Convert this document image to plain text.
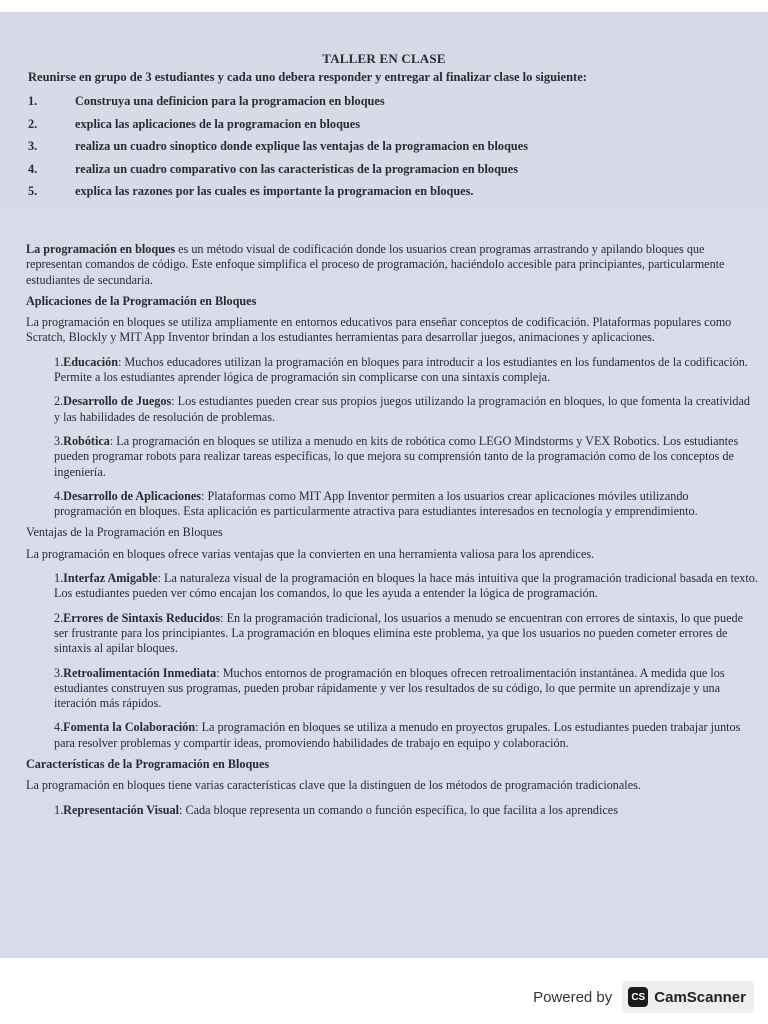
TALLER EN CLASE
Reunirse en grupo de 3 estudiantes y cada uno debera responder y entregar al finalizar clase lo siguiente:
1.	Construya una definicion para la programacion en bloques
2.	explica las aplicaciones de la programacion en bloques
3.	realiza un cuadro sinoptico donde explique las ventajas de la programacion en bloques
4.	realiza un cuadro comparativo con las caracteristicas de la programacion en bloques
5.	explica las razones por las cuales es importante la programacion en bloques.

La programación en bloques es un método visual de codificación donde los usuarios crean programas arrastrando y apilando bloques que representan comandos de código. Este enfoque simplifica el proceso de programación, haciéndolo accesible para principiantes, particularmente estudiantes de secundaria.

Aplicaciones de la Programación en Bloques

La programación en bloques se utiliza ampliamente en entornos educativos para enseñar conceptos de codificación. Plataformas populares como Scratch, Blockly y MIT App Inventor brindan a los estudiantes herramientas para desarrollar juegos, animaciones y aplicaciones.

1.Educación: Muchos educadores utilizan la programación en bloques para introducir a los estudiantes en los fundamentos de la codificación. Permite a los estudiantes aprender lógica de programación sin complicarse con una sintaxis compleja.

2.Desarrollo de Juegos: Los estudiantes pueden crear sus propios juegos utilizando la programación en bloques, lo que fomenta la creatividad y las habilidades de resolución de problemas.

3.Robótica: La programación en bloques se utiliza a menudo en kits de robótica como LEGO Mindstorms y VEX Robotics. Los estudiantes pueden programar robots para realizar tareas específicas, lo que mejora su comprensión tanto de la programación como de los conceptos de ingeniería.

4.Desarrollo de Aplicaciones: Plataformas como MIT App Inventor permiten a los usuarios crear aplicaciones móviles utilizando programación en bloques. Esta aplicación es particularmente atractiva para estudiantes interesados en tecnología y emprendimiento.

Ventajas de la Programación en Bloques

La programación en bloques ofrece varias ventajas que la convierten en una herramienta valiosa para los aprendices.

1.Interfaz Amigable: La naturaleza visual de la programación en bloques la hace más intuitiva que la programación tradicional basada en texto. Los estudiantes pueden ver cómo encajan los comandos, lo que les ayuda a entender la lógica de programación.

2.Errores de Sintaxis Reducidos: En la programación tradicional, los usuarios a menudo se encuentran con errores de sintaxis, lo que puede ser frustrante para los principiantes. La programación en bloques elimina este problema, ya que los usuarios no pueden cometer errores de sintaxis al apilar bloques.

3.Retroalimentación Inmediata: Muchos entornos de programación en bloques ofrecen retroalimentación instantánea. A medida que los estudiantes construyen sus programas, pueden probar rápidamente y ver los resultados de su código, lo que permite un aprendizaje y una iteración más rápidos.

4.Fomenta la Colaboración: La programación en bloques se utiliza a menudo en proyectos grupales. Los estudiantes pueden trabajar juntos para resolver problemas y compartir ideas, promoviendo habilidades de trabajo en equipo y colaboración.

Características de la Programación en Bloques

La programación en bloques tiene varias características clave que la distinguen de los métodos de programación tradicionales.

1.Representación Visual: Cada bloque representa un comando o función específica, lo que facilita a los aprendices

Powered by	CS CamScanner
